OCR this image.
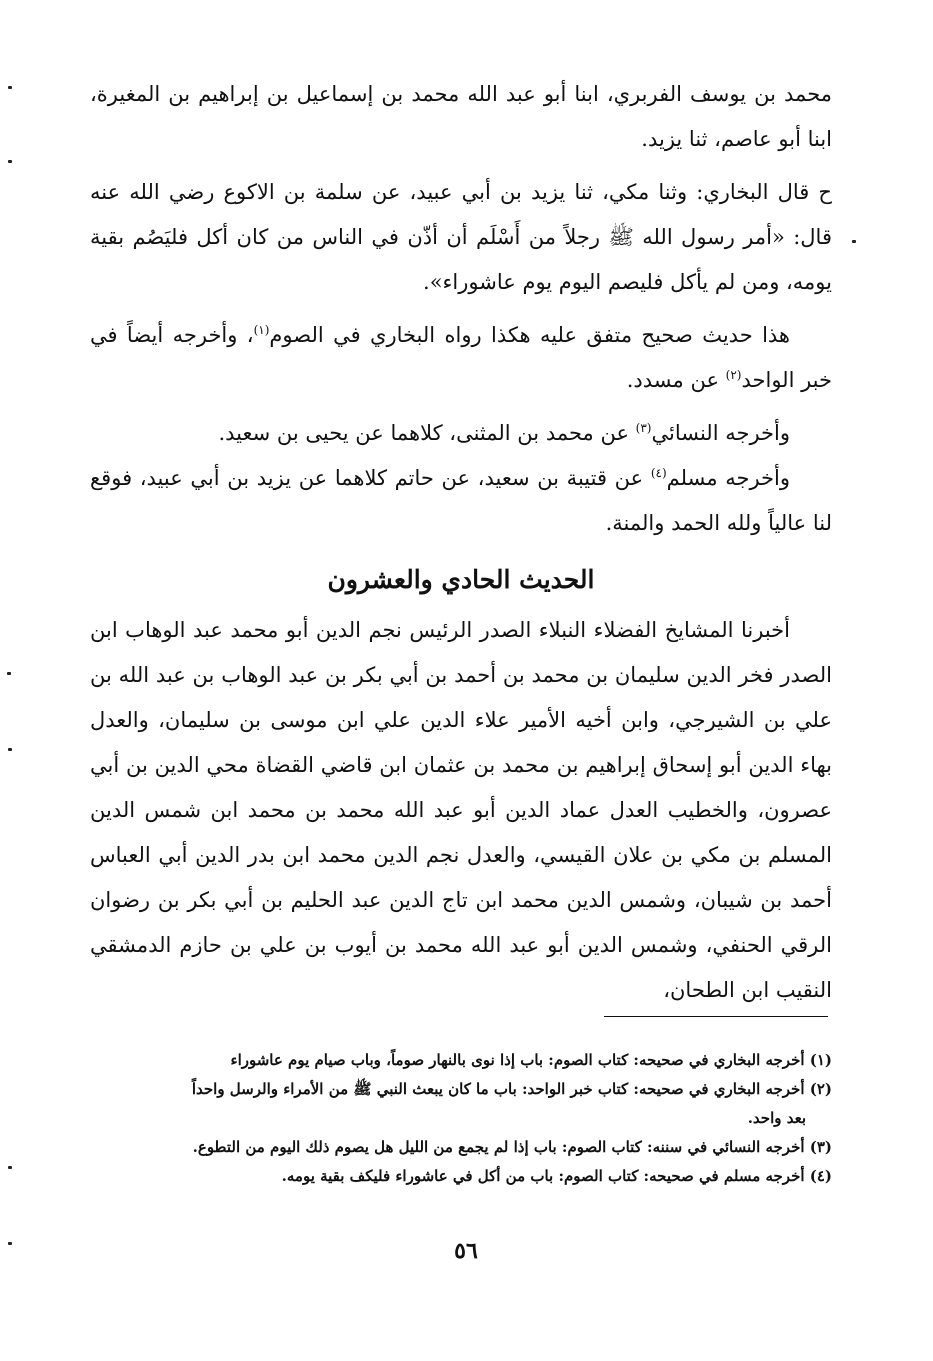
محمد بن يوسف الفربري، ابنا أبو عبد الله محمد بن إسماعيل بن إبراهيم بن المغيرة، ابنا أبو عاصم، ثنا يزيد.

ح قال البخاري: وثنا مكي، ثنا يزيد بن أبي عبيد، عن سلمة بن الاكوع رضي الله عنه قال: «أمر رسول الله ﷺ رجلاً من أَسْلَم أن أذّن في الناس من كان أكل فليَصُم بقية يومه، ومن لم يأكل فليصم اليوم يوم عاشوراء».

هذا حديث صحيح متفق عليه هكذا رواه البخاري في الصوم$^{(١)}$، وأخرجه أيضاً في خبر الواحد$^{(٢)}$ عن مسدد.

وأخرجه النسائي$^{(٣)}$ عن محمد بن المثنى، كلاهما عن يحيى بن سعيد.

وأخرجه مسلم$^{(٤)}$ عن قتيبة بن سعيد، عن حاتم كلاهما عن يزيد بن أبي عبيد، فوقع لنا عالياً ولله الحمد والمنة.

الحديث الحادي والعشرون

أخبرنا المشايخ الفضلاء النبلاء الصدر الرئيس نجم الدين أبو محمد عبد الوهاب ابن الصدر فخر الدين سليمان بن محمد بن أحمد بن أبي بكر بن عبد الوهاب بن عبد الله بن علي بن الشيرجي، وابن أخيه الأمير علاء الدين علي ابن موسى بن سليمان، والعدل بهاء الدين أبو إسحاق إبراهيم بن محمد بن عثمان ابن قاضي القضاة محي الدين بن أبي عصرون، والخطيب العدل عماد الدين أبو عبد الله محمد بن محمد ابن شمس الدين المسلم بن مكي بن علان القيسي، والعدل نجم الدين محمد ابن بدر الدين أبي العباس أحمد بن شيبان، وشمس الدين محمد ابن تاج الدين عبد الحليم بن أبي بكر بن رضوان الرقي الحنفي، وشمس الدين أبو عبد الله محمد بن أيوب بن علي بن حازم الدمشقي النقيب ابن الطحان،

(١) أخرجه البخاري في صحيحه: كتاب الصوم: باب إذا نوى بالنهار صوماً، وباب صيام يوم عاشوراء

(٢) أخرجه البخاري في صحيحه: كتاب خبر الواحد: باب ما كان يبعث النبي ﷺ من الأمراء والرسل واحداً

بعد واحد.

(٣) أخرجه النسائي في سننه: كتاب الصوم: باب إذا لم يجمع من الليل هل يصوم ذلك اليوم من التطوع.

(٤) أخرجه مسلم في صحيحه: كتاب الصوم: باب من أكل في عاشوراء فليكف بقية يومه.

٥٦
